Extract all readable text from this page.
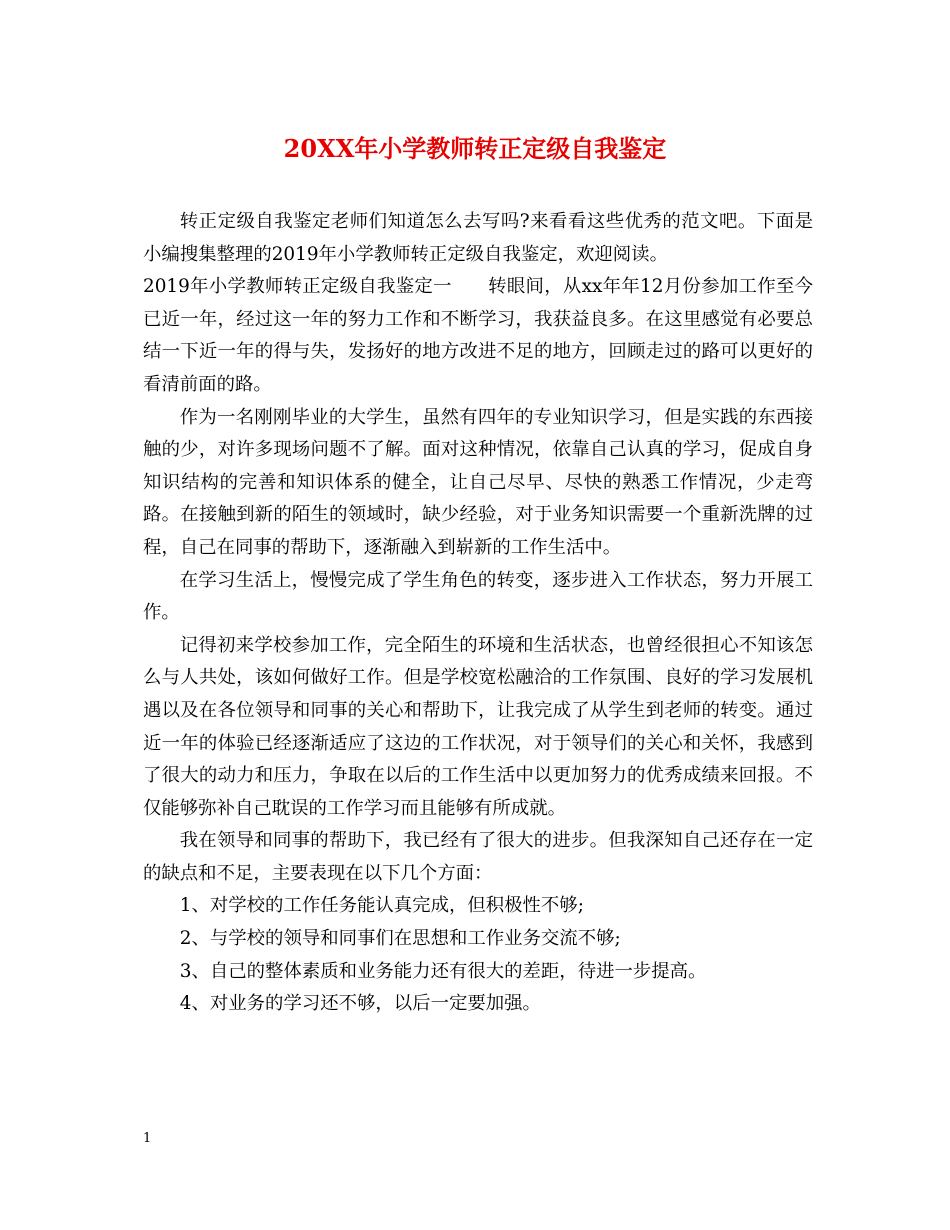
20XX年小学教师转正定级自我鉴定

转正定级自我鉴定老师们知道怎么去写吗?来看看这些优秀的范文吧。下面是小编搜集整理的2019年小学教师转正定级自我鉴定，欢迎阅读。

2019年小学教师转正定级自我鉴定一 转眼间，从xx年年12月份参加工作至今已近一年，经过这一年的努力工作和不断学习，我获益良多。在这里感觉有必要总结一下近一年的得与失，发扬好的地方改进不足的地方，回顾走过的路可以更好的看清前面的路。

作为一名刚刚毕业的大学生，虽然有四年的专业知识学习，但是实践的东西接触的少，对许多现场问题不了解。面对这种情况，依靠自己认真的学习，促成自身知识结构的完善和知识体系的健全，让自己尽早、尽快的熟悉工作情况，少走弯路。在接触到新的陌生的领域时，缺少经验，对于业务知识需要一个重新洗牌的过程，自己在同事的帮助下，逐渐融入到崭新的工作生活中。

在学习生活上，慢慢完成了学生角色的转变，逐步进入工作状态，努力开展工作。

记得初来学校参加工作，完全陌生的环境和生活状态，也曾经很担心不知该怎么与人共处，该如何做好工作。但是学校宽松融洽的工作氛围、良好的学习发展机遇以及在各位领导和同事的关心和帮助下，让我完成了从学生到老师的转变。通过近一年的体验已经逐渐适应了这边的工作状况，对于领导们的关心和关怀，我感到了很大的动力和压力，争取在以后的工作生活中以更加努力的优秀成绩来回报。不仅能够弥补自己耽误的工作学习而且能够有所成就。

我在领导和同事的帮助下，我已经有了很大的进步。但我深知自己还存在一定的缺点和不足，主要表现在以下几个方面：

1、对学校的工作任务能认真完成，但积极性不够;

2、与学校的领导和同事们在思想和工作业务交流不够;

3、自己的整体素质和业务能力还有很大的差距，待进一步提高。

4、对业务的学习还不够，以后一定要加强。

1
